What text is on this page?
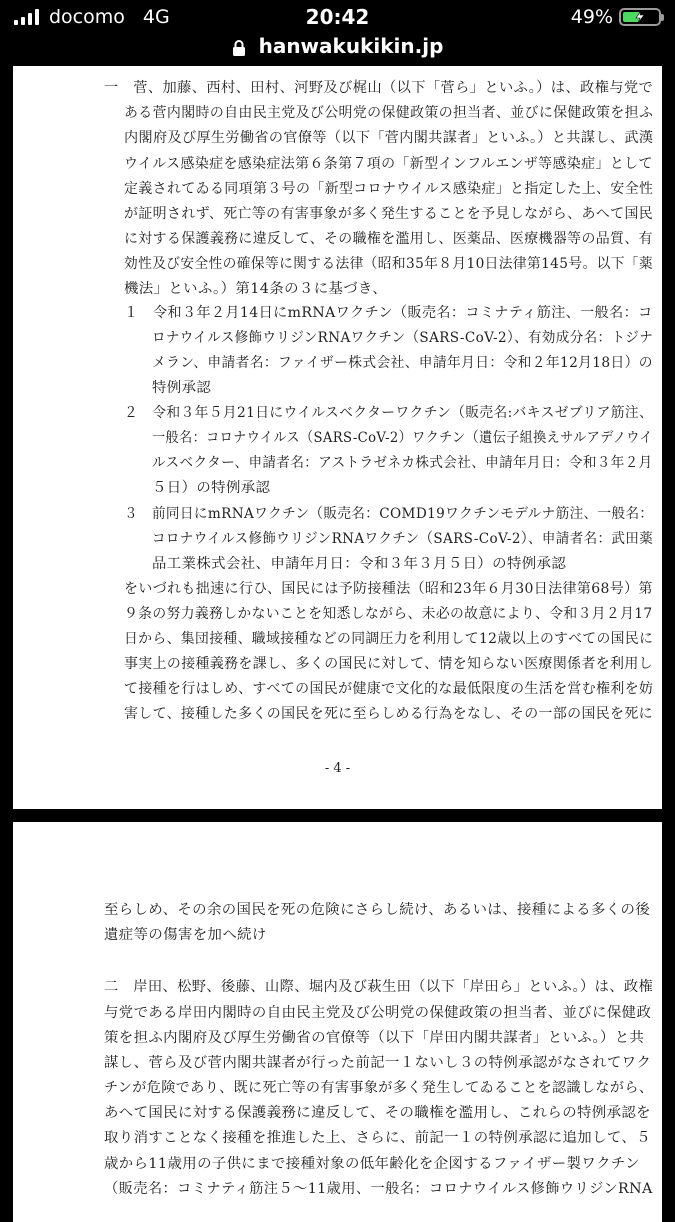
docomo 4G	20:42	49%
hanwakukikin.jp
一　菅、加藤、西村、田村、河野及び梶山（以下「菅ら」といふ。）は、政権与党で
ある菅内閣時の自由民主党及び公明党の保健政策の担当者、並びに保健政策を担ふ
内閣府及び厚生労働省の官僚等（以下「菅内閣共謀者」といふ。）と共謀し、武漢
ウイルス感染症を感染症法第６条第７項の「新型インフルエンザ等感染症」として
定義されてゐる同項第３号の「新型コロナウイルス感染症」と指定した上、安全性
が証明されず、死亡等の有害事象が多く発生することを予見しながら、あへて国民
に対する保護義務に違反して、その職権を濫用し、医薬品、医療機器等の品質、有
効性及び安全性の確保等に関する法律（昭和35年８月10日法律第145号。以下「薬
機法」といふ。）第14条の３に基づき、
１　令和３年２月14日にmRNAワクチン（販売名：コミナティ筋注、一般名：コ
ロナウイルス修飾ウリジンRNAワクチン（SARS-CoV-2）、有効成分名：トジナ
メラン、申請者名：ファイザー株式会社、申請年月日：令和２年12月18日）の
特例承認
２　令和３年５月21日にウイルスベクターワクチン（販売名:バキスゼブリア筋注、
一般名：コロナウイルス（SARS-CoV-2）ワクチン（遺伝子組換えサルアデノウイ
ルスベクター、申請者名：アストラゼネカ株式会社、申請年月日：令和３年２月
５日）の特例承認
３　前同日にmRNAワクチン（販売名：COMD19ワクチンモデルナ筋注、一般名：
コロナウイルス修飾ウリジンRNAワクチン（SARS-CoV-2）、申請者名：武田薬
品工業株式会社、申請年月日：令和３年３月５日）の特例承認
をいづれも拙速に行ひ、国民には予防接種法（昭和23年６月30日法律第68号）第
９条の努力義務しかないことを知悉しながら、未必の故意により、令和３月２月17
日から、集団接種、職域接種などの同調圧力を利用して12歳以上のすべての国民に
事実上の接種義務を課し、多くの国民に対して、情を知らない医療関係者を利用し
て接種を行はしめ、すべての国民が健康で文化的な最低限度の生活を営む権利を妨
害して、接種した多くの国民を死に至らしめる行為をなし、その一部の国民を死に
- 4 -
至らしめ、その余の国民を死の危険にさらし続け、あるいは、接種による多くの後
遺症等の傷害を加へ続け
二　岸田、松野、後藤、山際、堀内及び萩生田（以下「岸田ら」といふ。）は、政権
与党である岸田内閣時の自由民主党及び公明党の保健政策の担当者、並びに保健政
策を担ふ内閣府及び厚生労働省の官僚等（以下「岸田内閣共謀者」といふ。）と共
謀し、菅ら及び菅内閣共謀者が行った前記一１ないし３の特例承認がなされてワク
チンが危険であり、既に死亡等の有害事象が多く発生してゐることを認識しながら、
あへて国民に対する保護義務に違反して、その職権を濫用し、これらの特例承認を
取り消すことなく接種を推進した上、さらに、前記一１の特例承認に追加して、５
歳から11歳用の子供にまで接種対象の低年齢化を企図するファイザー製ワクチン
（販売名：コミナティ筋注５～11歳用、一般名：コロナウイルス修飾ウリジンRNA
